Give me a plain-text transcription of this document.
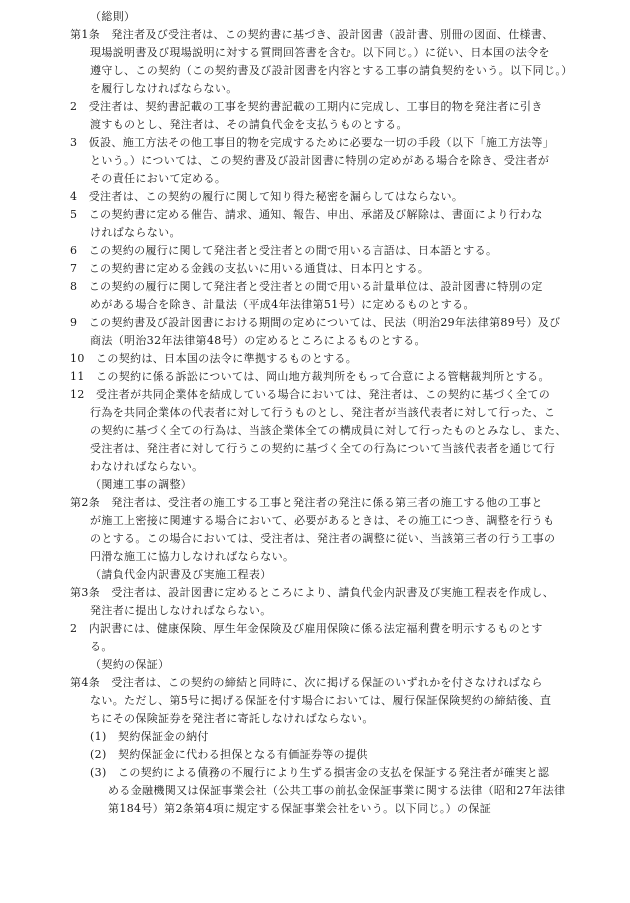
（総則）
第1条　発注者及び受注者は、この契約書に基づき、設計図書（設計書、別冊の図面、仕様書、
現場説明書及び現場説明に対する質問回答書を含む。以下同じ。）に従い、日本国の法令を
遵守し、この契約（この契約書及び設計図書を内容とする工事の請負契約をいう。以下同じ。）
を履行しなければならない。
2　受注者は、契約書記載の工事を契約書記載の工期内に完成し、工事目的物を発注者に引き
渡すものとし、発注者は、その請負代金を支払うものとする。
3　仮設、施工方法その他工事目的物を完成するために必要な一切の手段（以下「施工方法等」
という。）については、この契約書及び設計図書に特別の定めがある場合を除き、受注者が
その責任において定める。
4　受注者は、この契約の履行に関して知り得た秘密を漏らしてはならない。
5　この契約書に定める催告、請求、通知、報告、申出、承諾及び解除は、書面により行わな
ければならない。
6　この契約の履行に関して発注者と受注者との間で用いる言語は、日本語とする。
7　この契約書に定める金銭の支払いに用いる通貨は、日本円とする。
8　この契約の履行に関して発注者と受注者との間で用いる計量単位は、設計図書に特別の定
めがある場合を除き、計量法（平成4年法律第51号）に定めるものとする。
9　この契約書及び設計図書における期間の定めについては、民法（明治29年法律第89号）及び
商法（明治32年法律第48号）の定めるところによるものとする。
10　この契約は、日本国の法令に準拠するものとする。
11　この契約に係る訴訟については、岡山地方裁判所をもって合意による管轄裁判所とする。
12　受注者が共同企業体を結成している場合においては、発注者は、この契約に基づく全ての
行為を共同企業体の代表者に対して行うものとし、発注者が当該代表者に対して行った、こ
の契約に基づく全ての行為は、当該企業体全ての構成員に対して行ったものとみなし、また、
受注者は、発注者に対して行うこの契約に基づく全ての行為について当該代表者を通じて行
わなければならない。
（関連工事の調整）
第2条　発注者は、受注者の施工する工事と発注者の発注に係る第三者の施工する他の工事と
が施工上密接に関連する場合において、必要があるときは、その施工につき、調整を行うも
のとする。この場合においては、受注者は、発注者の調整に従い、当該第三者の行う工事の
円滑な施工に協力しなければならない。
（請負代金内訳書及び実施工程表）
第3条　受注者は、設計図書に定めるところにより、請負代金内訳書及び実施工程表を作成し、
発注者に提出しなければならない。
2　内訳書には、健康保険、厚生年金保険及び雇用保険に係る法定福利費を明示するものとす
る。
（契約の保証）
第4条　受注者は、この契約の締結と同時に、次に掲げる保証のいずれかを付さなければなら
ない。ただし、第5号に掲げる保証を付す場合においては、履行保証保険契約の締結後、直
ちにその保険証券を発注者に寄託しなければならない。
(1)　契約保証金の納付
(2)　契約保証金に代わる担保となる有価証券等の提供
(3)　この契約による債務の不履行により生ずる損害金の支払を保証する発注者が確実と認
める金融機関又は保証事業会社（公共工事の前払金保証事業に関する法律（昭和27年法律
第184号）第2条第4項に規定する保証事業会社をいう。以下同じ。）の保証
